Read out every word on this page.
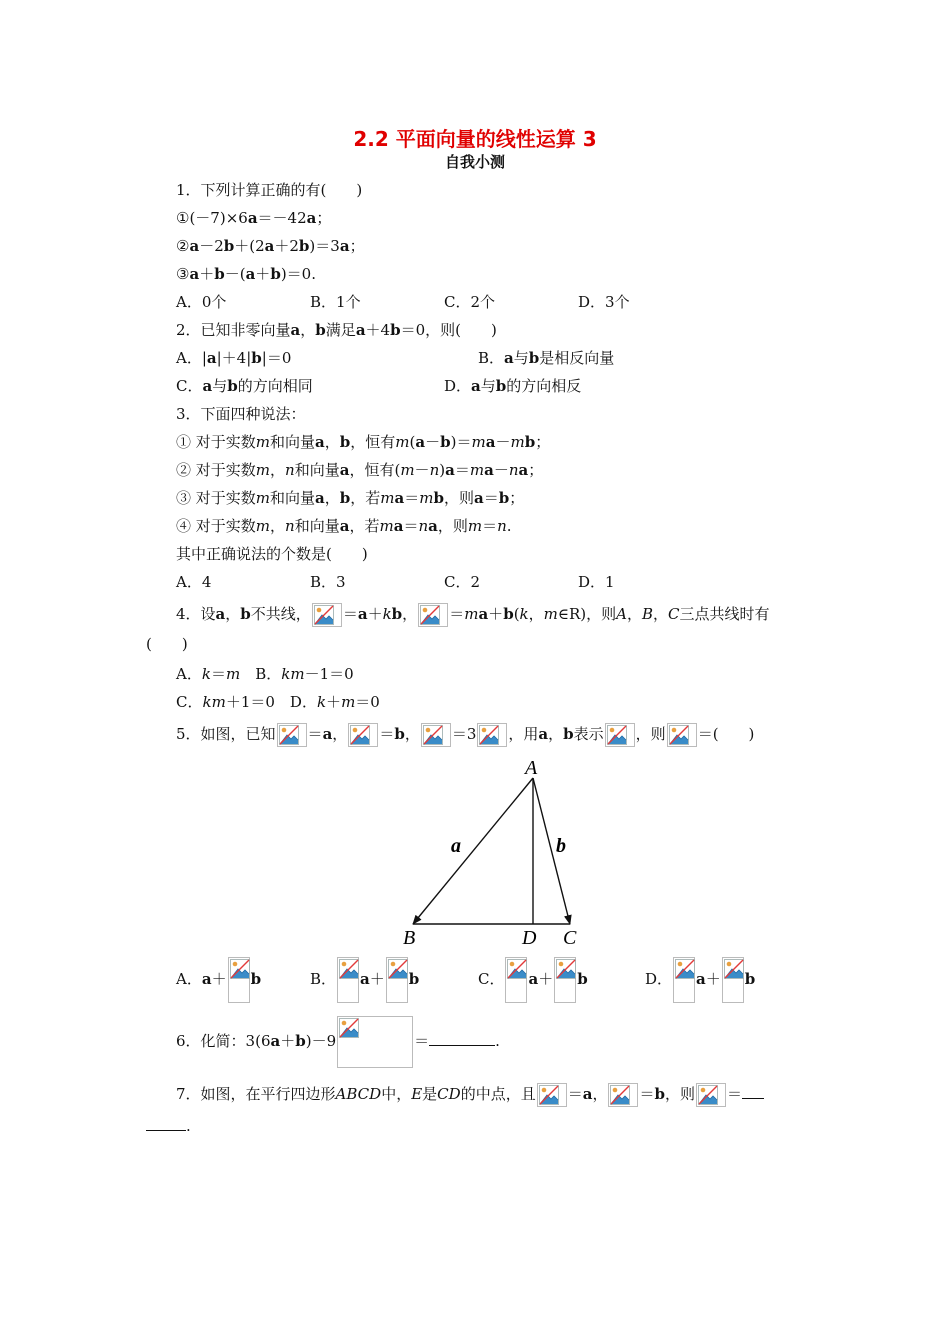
2.2 平面向量的线性运算 3
自我小测
1．下列计算正确的有(　　)
①(－7)×6a＝－42a；
②a－2b＋(2a＋2b)＝3a；
③a＋b－(a＋b)＝0.
A．0个	B．1个	C．2个	D．3个
2．已知非零向量a，b满足a＋4b＝0，则(　　)
A．|a|＋4|b|＝0	B．a与b是相反向量
C．a与b的方向相同	D．a与b的方向相反
3．下面四种说法：
① 对于实数m和向量a，b，恒有m(a－b)＝ma－mb；
② 对于实数m，n和向量a，恒有(m－n)a＝ma－na；
③ 对于实数m和向量a，b，若ma＝mb，则a＝b；
④ 对于实数m，n和向量a，若ma＝na，则m＝n.
其中正确说法的个数是(　　)
A．4	B．3	C．2	D．1
4．设a，b不共线， ＝a＋kb， ＝ma＋b(k，m∈R)，则A，B，C三点共线时有
(　　)
A．k＝m　 B．km－1＝0
C．km＋1＝0　 D．k＋m＝0
5．如图，已知 ＝a， ＝b， ＝3 ，用a，b表示 ，则 ＝(　　)
A
B	D C
a	b
A．a＋ b	B． a＋ b	C． a＋ b	D． a＋ b
6．化简：3(6a＋b)－9	＝	.
7．如图，在平行四边形ABCD中，E是CD的中点，且 ＝a， ＝b，则 ＝
.
